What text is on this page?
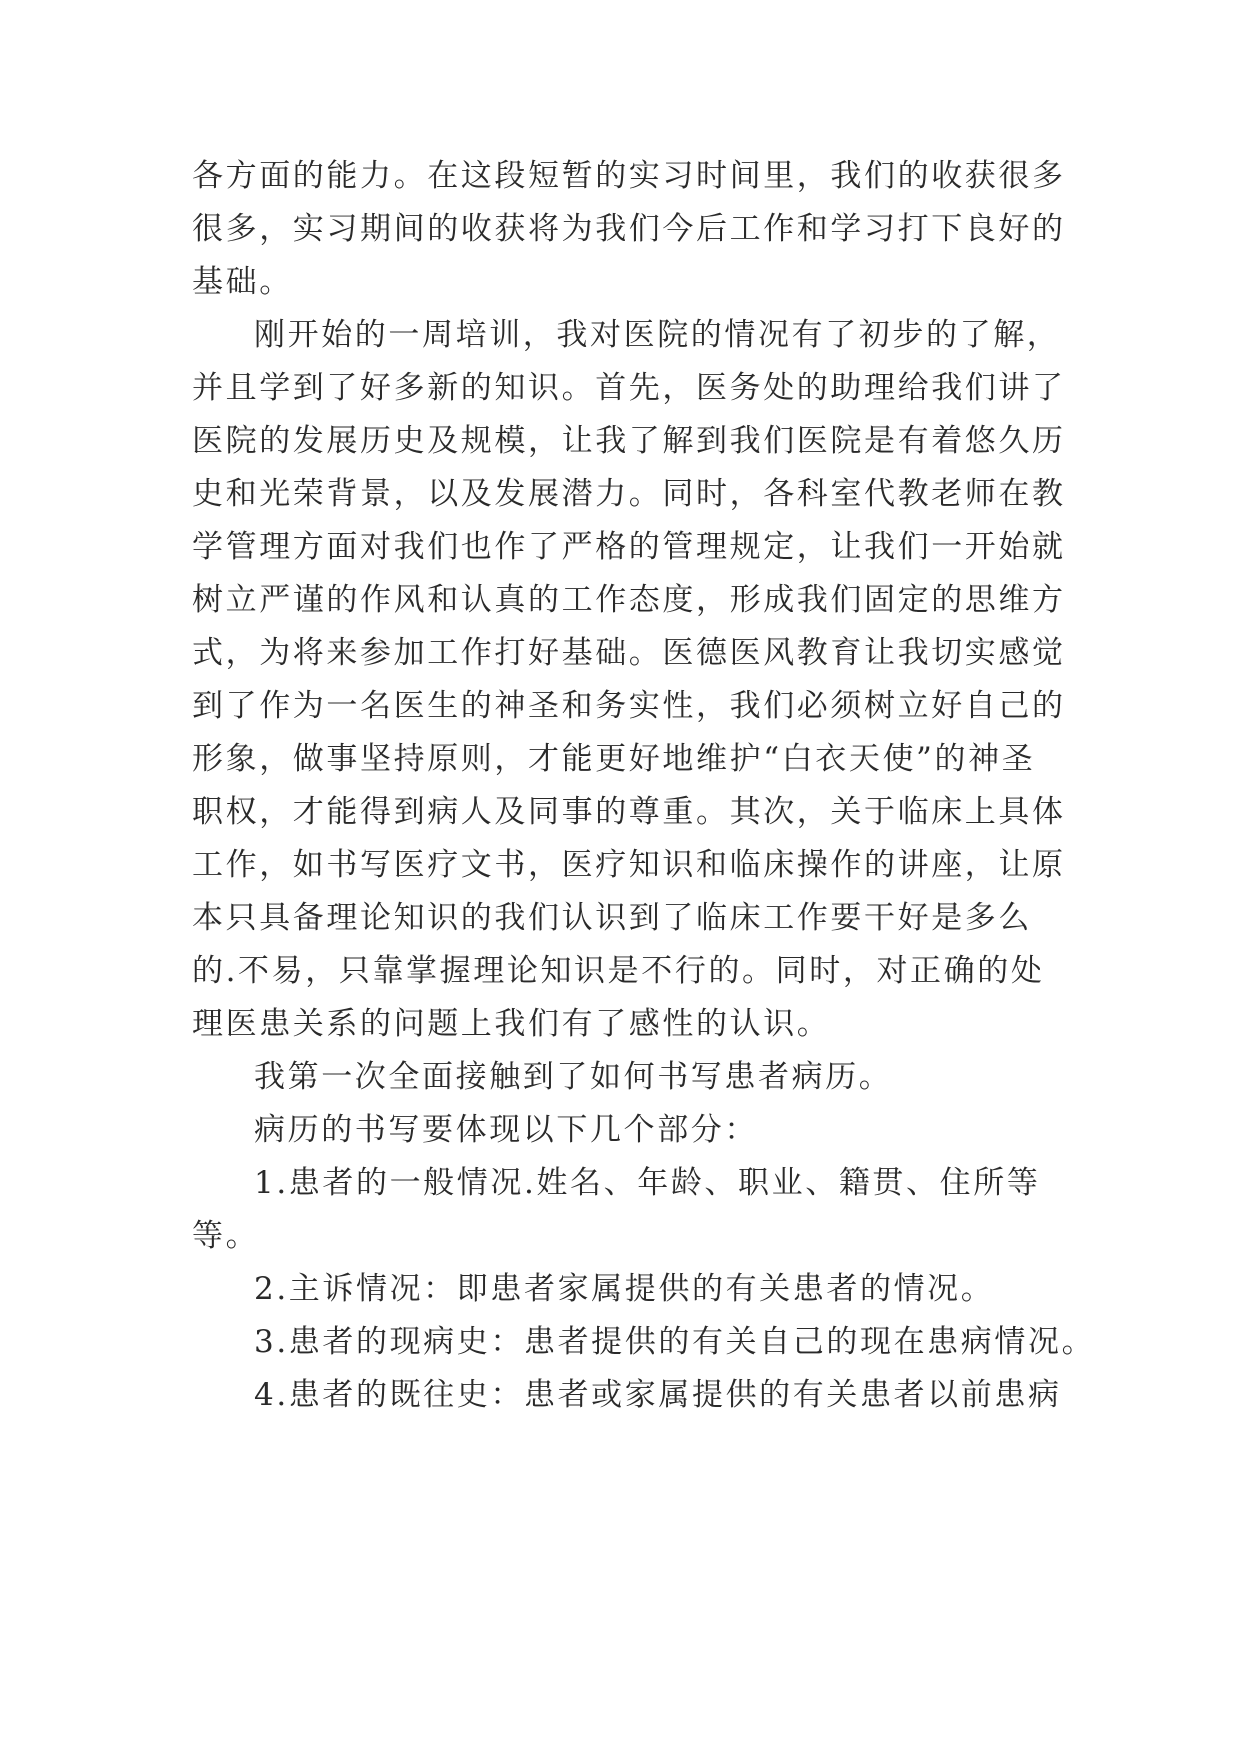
各方面的能力。在这段短暂的实习时间里，我们的收获很多
很多，实习期间的收获将为我们今后工作和学习打下良好的
基础。
刚开始的一周培训，我对医院的情况有了初步的了解，
并且学到了好多新的知识。首先，医务处的助理给我们讲了
医院的发展历史及规模，让我了解到我们医院是有着悠久历
史和光荣背景，以及发展潜力。同时，各科室代教老师在教
学管理方面对我们也作了严格的管理规定，让我们一开始就
树立严谨的作风和认真的工作态度，形成我们固定的思维方
式，为将来参加工作打好基础。医德医风教育让我切实感觉
到了作为一名医生的神圣和务实性，我们必须树立好自己的
形象，做事坚持原则，才能更好地维护“白衣天使”的神圣
职权，才能得到病人及同事的尊重。其次，关于临床上具体
工作，如书写医疗文书，医疗知识和临床操作的讲座，让原
本只具备理论知识的我们认识到了临床工作要干好是多么
的.不易，只靠掌握理论知识是不行的。同时，对正确的处
理医患关系的问题上我们有了感性的认识。
我第一次全面接触到了如何书写患者病历。
病历的书写要体现以下几个部分：
1.患者的一般情况.姓名、年龄、职业、籍贯、住所等
等。
2.主诉情况：即患者家属提供的有关患者的情况。
3.患者的现病史：患者提供的有关自己的现在患病情况。
4.患者的既往史：患者或家属提供的有关患者以前患病
